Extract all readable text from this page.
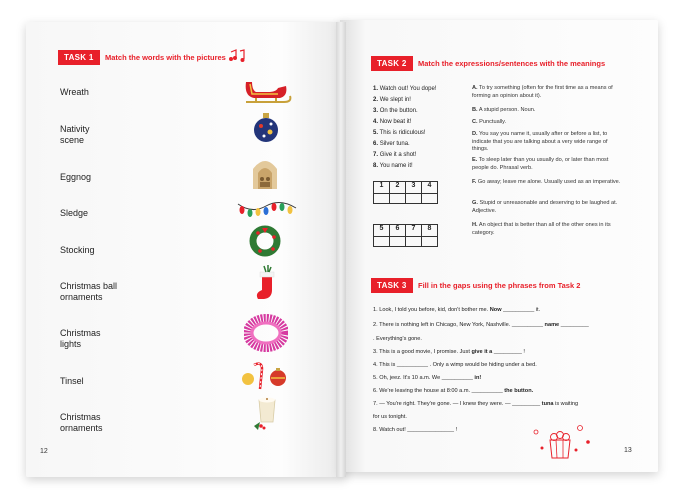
TASK 1	Match the words with the pictures
Wreath
Nativity scene
Eggnog
Sledge
Stocking
Christmas ball ornaments
Christmas lights
Tinsel
Christmas ornaments
12
TASK 2	Match the expressions/sentences with the meanings
1. Watch out! You dope!
2. We slept in!
3. On the button.
4. Now beat it!
5. This is ridiculous!
6. Silver tuna.
7. Give it a shot!
8. You name it!
1	2	3	4

5	6	7	8

A. To try something (often for the first time as a means of forming an opinion about it).
B. A stupid person. Noun.
C. Punctually.
D. You say you name it, usually after or before a list, to indicate that you are talking about a very wide range of things.
E. To sleep later than you usually do, or later than most people do. Phrasal verb.
F. Go away; leave me alone. Usually used as an imperative.
G. Stupid or unreasonable and deserving to be laughed at. Adjective.
H. An object that is better than all of the other ones in its category.
TASK 3	Fill in the gaps using the phrases from Task 2
1. Look, I told you before, kid, don't bother me. Now __________ it.
2. There is nothing left in Chicago, New York, Nashville. __________ name _________
. Everything's gone.
3. This is a good movie, I promise. Just give it a _________ !
4. This is __________ . Only a wimp would be hiding under a bed.
5. Oh, jeez. It's 10 a.m. We __________ in!
6. We're leaving the house at 8:00 a.m. __________ the button.
7. — You're right. They're gone. — I knew they were. — _________ tuna is waiting
for us tonight.
8. Watch out! _______________ !
13
